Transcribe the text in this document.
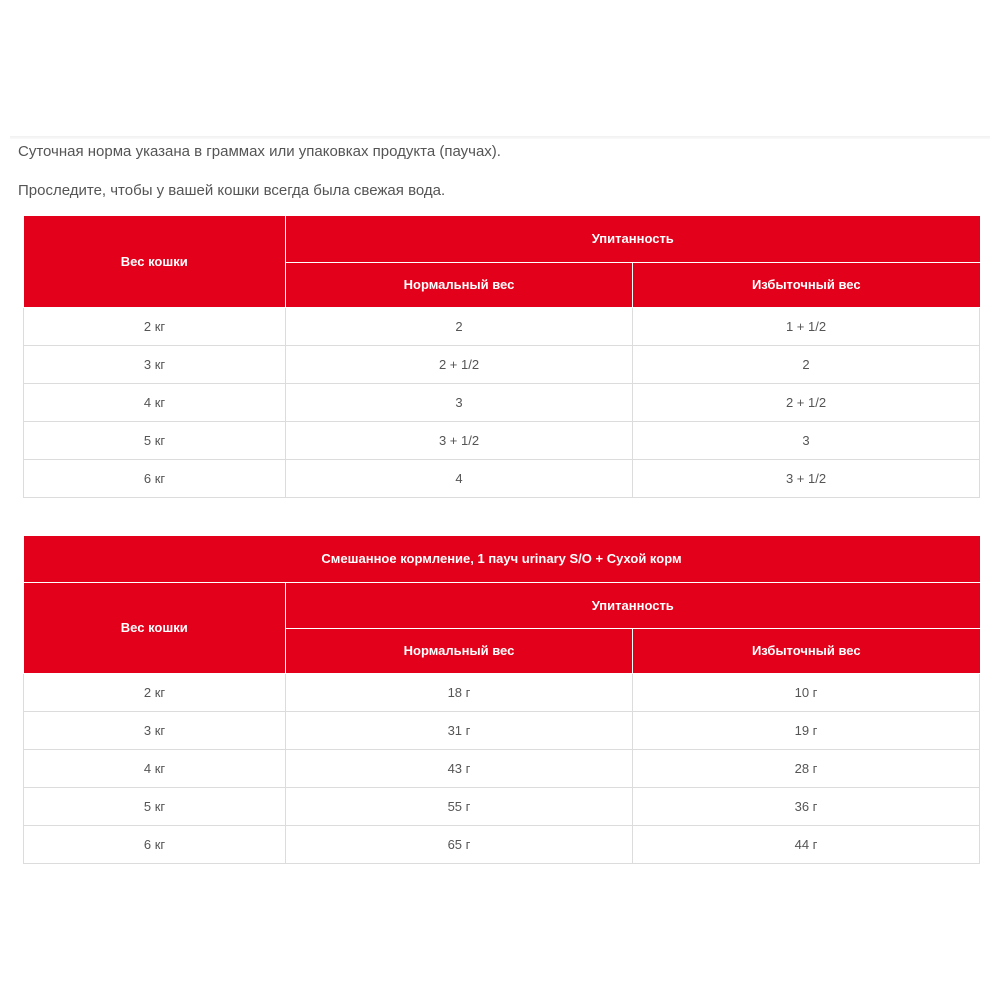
Суточная норма указана в граммах или упаковках продукта (паучах).

Проследите, чтобы у вашей кошки всегда была свежая вода.

Вес кошки	Упитанность	
	Нормальный вес	Избыточный вес
2 кг	2	1 + 1/2
3 кг	2 + 1/2	2
4 кг	3	2 + 1/2
5 кг	3 + 1/2	3
6 кг	4	3 + 1/2
Смешанное кормление, 1 пауч urinary S/O + Сухой корм		
Вес кошки	Упитанность	
	Нормальный вес	Избыточный вес
2 кг	18 г	10 г
3 кг	31 г	19 г
4 кг	43 г	28 г
5 кг	55 г	36 г
6 кг	65 г	44 г
